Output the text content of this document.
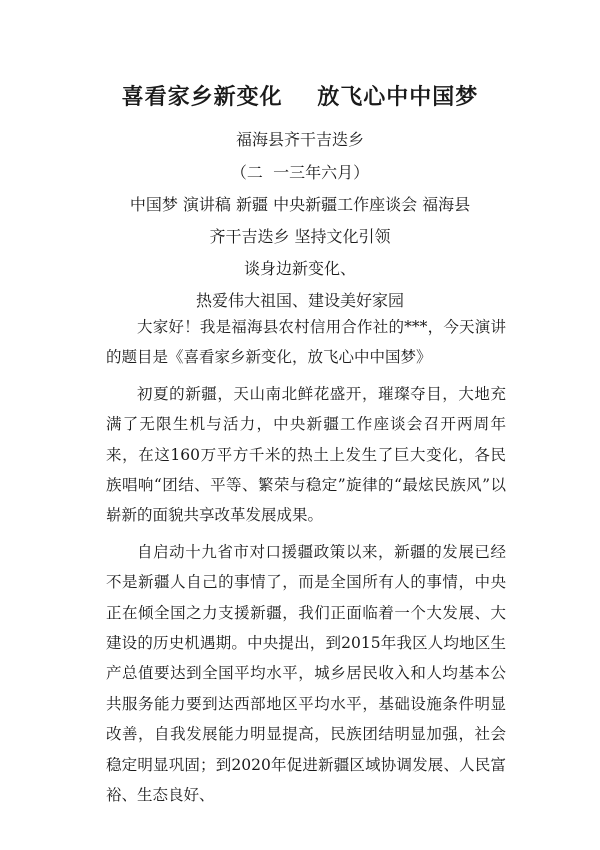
喜看家乡新变化    放飞心中中国梦
福海县齐干吉迭乡
（二  一三年六月）
中国梦 演讲稿 新疆 中央新疆工作座谈会 福海县
齐干吉迭乡 坚持文化引领
谈身边新变化、
热爱伟大祖国、建设美好家园

大家好！我是福海县农村信用合作社的***，今天演讲的题目是《喜看家乡新变化，放飞心中中国梦》

初夏的新疆，天山南北鲜花盛开，璀璨夺目，大地充满了无限生机与活力，中央新疆工作座谈会召开两周年来，在这160万平方千米的热土上发生了巨大变化，各民族唱响“团结、平等、繁荣与稳定”旋律的“最炫民族风”以崭新的面貌共享改革发展成果。

自启动十九省市对口援疆政策以来，新疆的发展已经不是新疆人自己的事情了，而是全国所有人的事情，中央正在倾全国之力支援新疆，我们正面临着一个大发展、大建设的历史机遇期。中央提出，到2015年我区人均地区生产总值要达到全国平均水平，城乡居民收入和人均基本公共服务能力要到达西部地区平均水平，基础设施条件明显改善，自我发展能力明显提高，民族团结明显加强，社会稳定明显巩固；到2020年促进新疆区域协调发展、人民富裕、生态良好、
